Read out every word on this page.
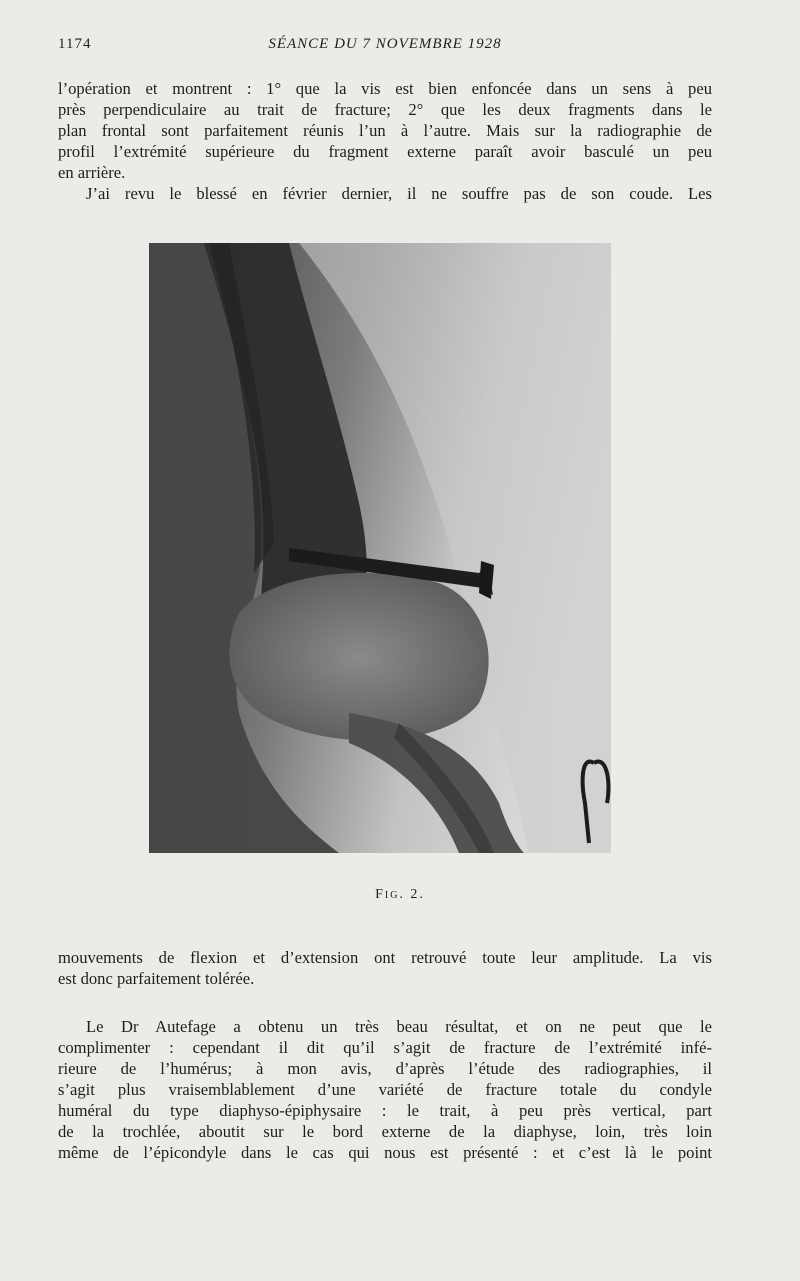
1174	SÉANCE DU 7 NOVEMBRE 1928
l’opération et montrent : 1° que la vis est bien enfoncée dans un sens à peu
près perpendiculaire au trait de fracture; 2° que les deux fragments dans le
plan frontal sont parfaitement réunis l’un à l’autre. Mais sur la radiographie de
profil l’extrémité supérieure du fragment externe paraît avoir basculé un peu
en arrière.
J’ai revu le blessé en février dernier, il ne souffre pas de son coude. Les
Fig. 2.
mouvements de flexion et d’extension ont retrouvé toute leur amplitude. La vis
est donc parfaitement tolérée.
Le Dr Autefage a obtenu un très beau résultat, et on ne peut que le
complimenter : cependant il dit qu’il s’agit de fracture de l’extrémité infé-
rieure de l’humérus; à mon avis, d’après l’étude des radiographies, il
s’agit plus vraisemblablement d’une variété de fracture totale du condyle
huméral du type diaphyso-épiphysaire : le trait, à peu près vertical, part
de la trochlée, aboutit sur le bord externe de la diaphyse, loin, très loin
même de l’épicondyle dans le cas qui nous est présenté : et c’est là le point
